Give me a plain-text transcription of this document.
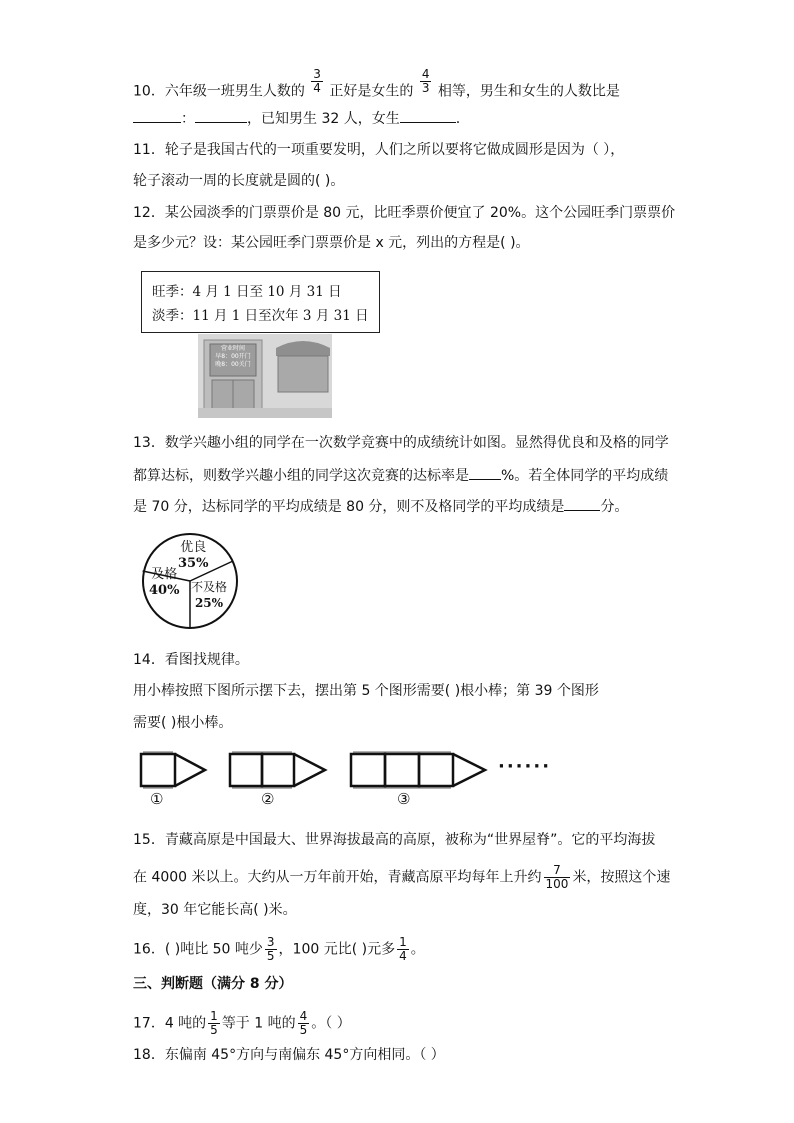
10．六年级一班男生人数的 $\frac{3}{4}$ 正好是女生的 $\frac{4}{3}$ 相等，男生和女生的人数比是
：	，已知男生 32 人，女生	.
11．轮子是我国古代的一项重要发明，人们之所以要将它做成圆形是因为（ ），
轮子滚动一周的长度就是圆的( )。
12．某公园淡季的门票票价是 80 元，比旺季票价便宜了 20%。这个公园旺季门票票价
是多少元？设：某公园旺季门票票价是 x 元，列出的方程是( )。
营业时间
早8：00开门
晚8：00关门
旺季：4 月 1 日至 10 月 31 日
淡季：11 月 1 日至次年 3 月 31 日
13．数学兴趣小组的同学在一次数学竞赛中的成绩统计如图。显然得优良和及格的同学
都算达标，则数学兴趣小组的同学这次竞赛的达标率是 %。若全体同学的平均成绩
是 70 分，达标同学的平均成绩是 80 分，则不及格同学的平均成绩是	分。
优良
35%
及格
40% 不及格
25%
14．看图找规律。
用小棒按照下图所示摆下去，摆出第 5 个图形需要( )根小棒；第 39 个图形
需要( )根小棒。
①	②	③
······
15．青藏高原是中国最大、世界海拔最高的高原，被称为“世界屋脊”。它的平均海拔
在 4000 米以上。大约从一万年前开始，青藏高原平均每年上升约 $\frac{7}{100}$ 米，按照这个速
度，30 年它能长高( )米。
16．( )吨比 50 吨少 $\frac{3}{5}$ ，100 元比( )元多 $\frac{1}{4}$ 。
三、判断题（满分 8 分）
17．4 吨的 $\frac{1}{5}$ 等于 1 吨的 $\frac{4}{5}$ 。（ ）
18．东偏南 45°方向与南偏东 45°方向相同。（ ）
